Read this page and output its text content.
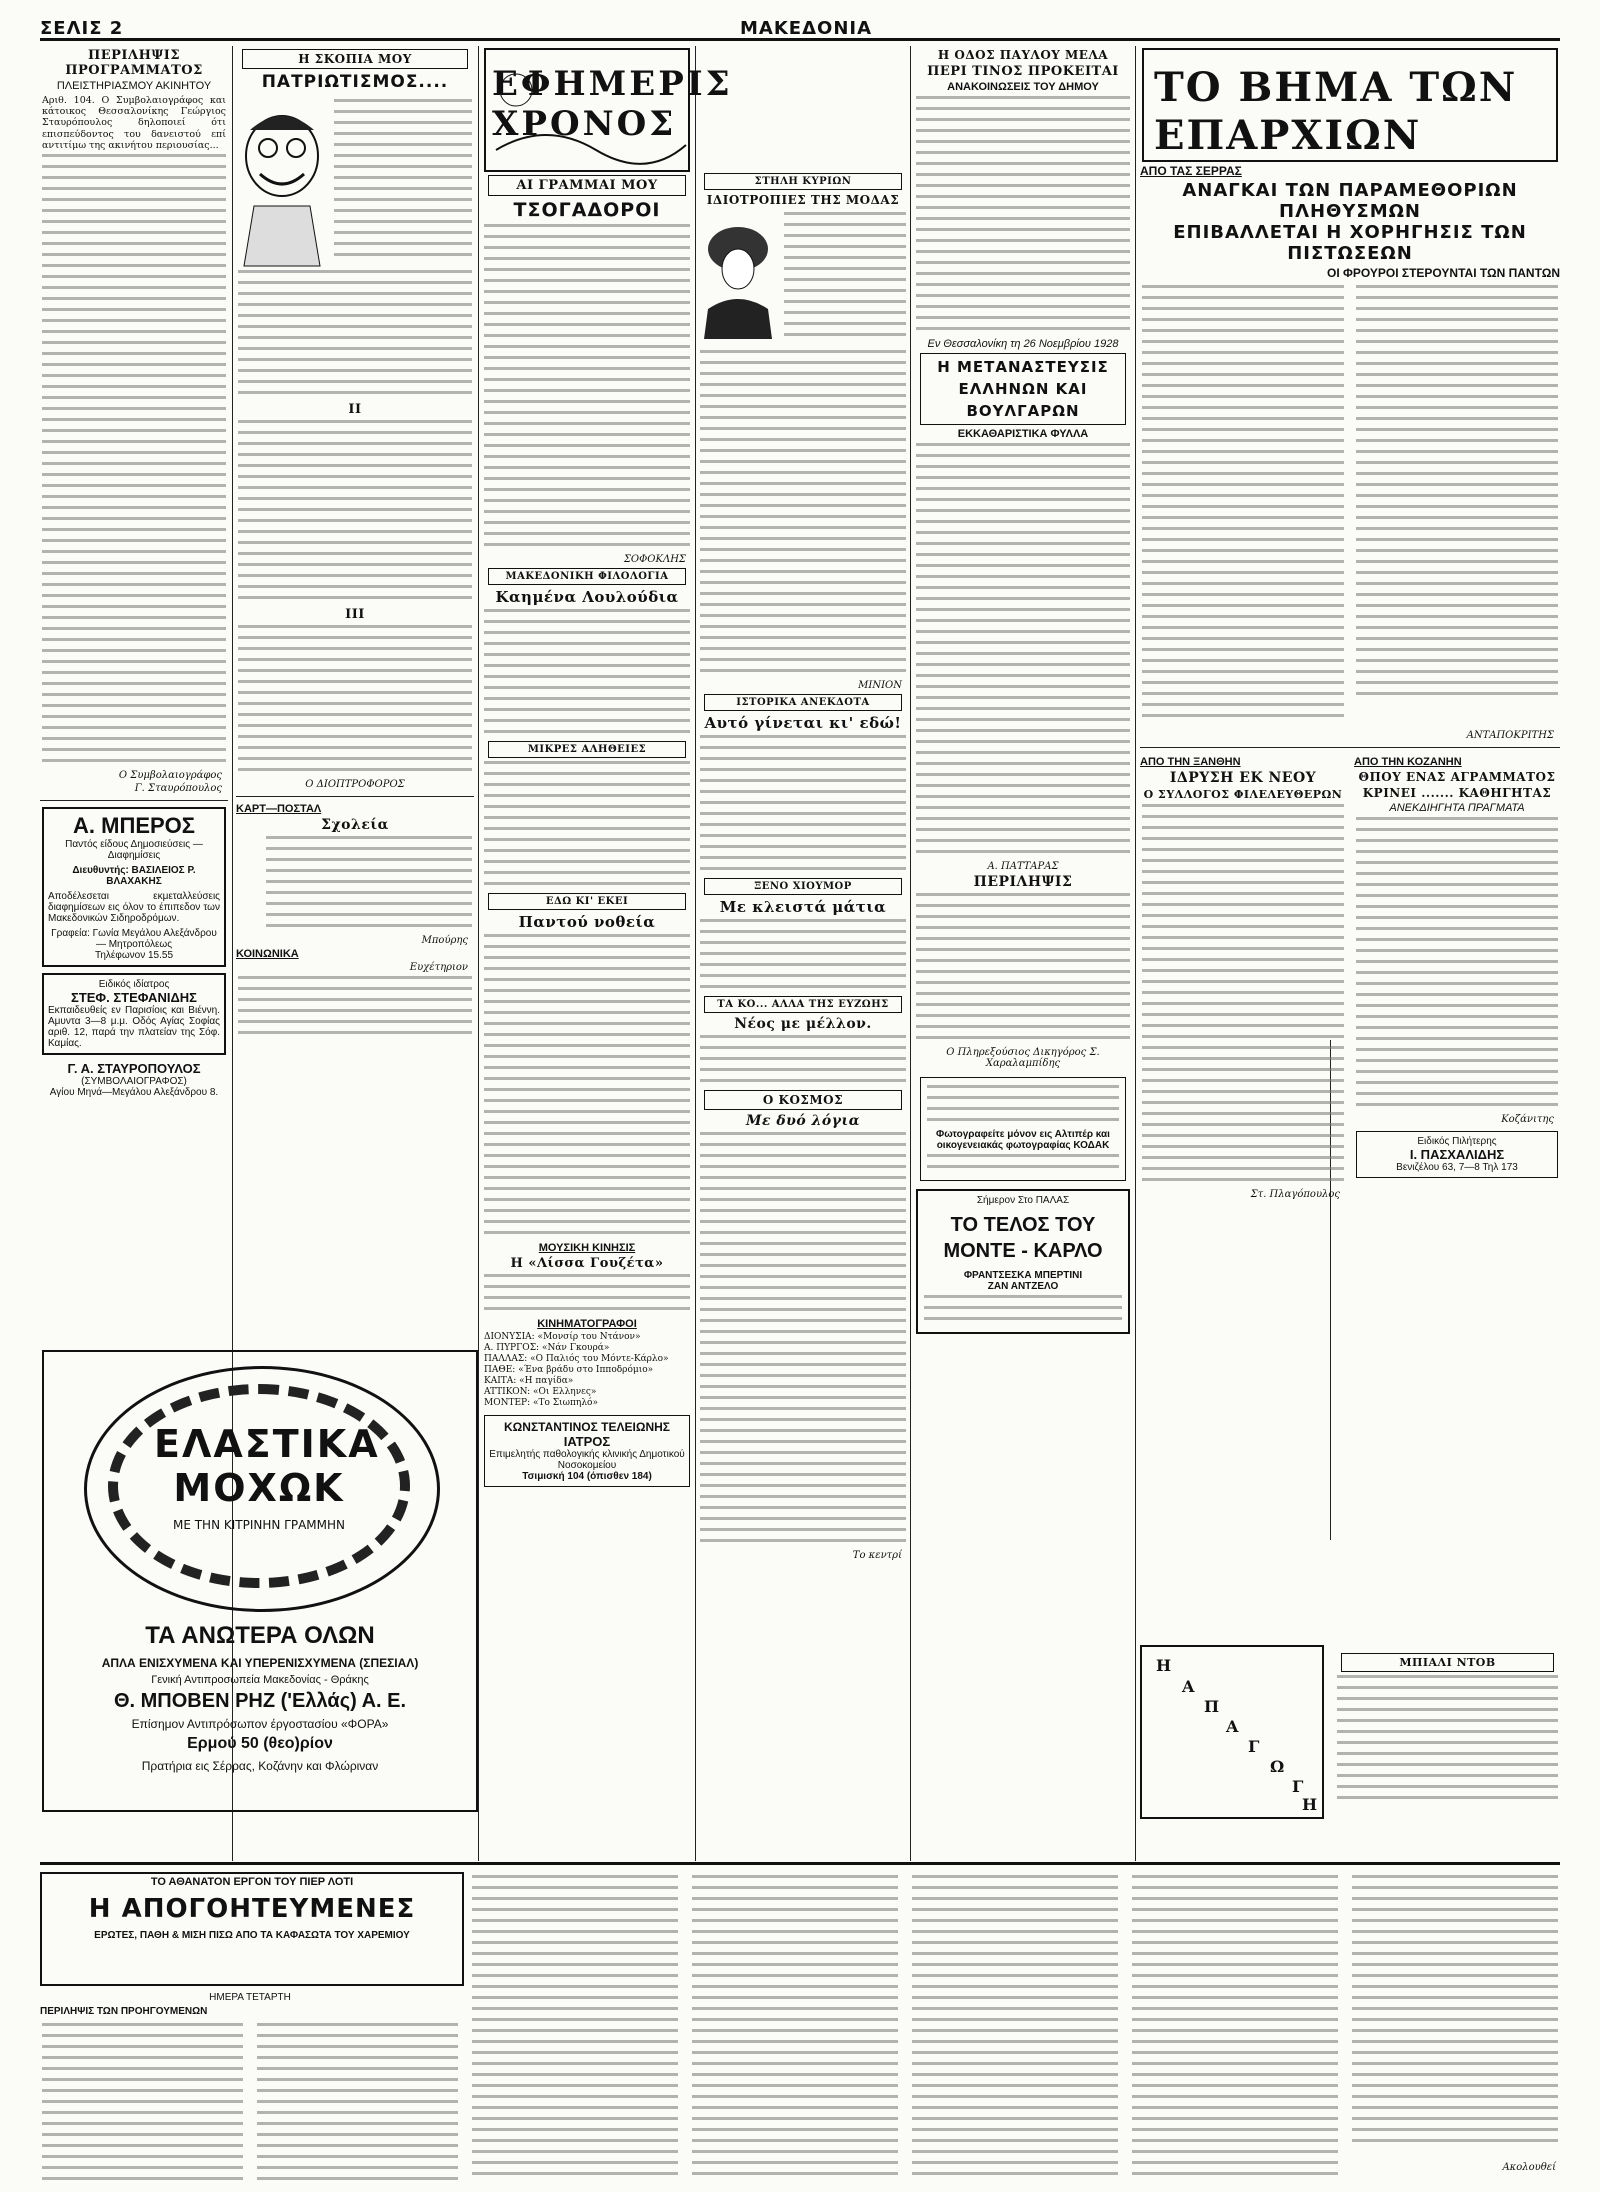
ΣΕΛΙΣ 2	ΜΑΚΕΔΟΝΙΑ
ΠΕΡΙΛΗΨΙΣ ΠΡΟΓΡΑΜΜΑΤΟΣ
ΠΛΕΙΣΤΗΡΙΑΣΜΟΥ ΑΚΙΝΗΤΟΥ
Αριθ. 104. Ο Συμβολαιογράφος και κάτοικος Θεσσαλονίκης Γεώργιος Σταυρόπουλος δηλοποιεί ότι επισπεύδοντος του δανειστού επί αντιτίμω της ακινήτου περιουσίας...
Ο Συμβολαιογράφος
Γ. Σταυρόπουλος
Α. ΜΠΕΡΟΣ
Παντός είδους Δημοσιεύσεις — Διαφημίσεις
Διευθυντής: ΒΑΣΙΛΕΙΟΣ Ρ. ΒΛΑΧΑΚΗΣ
Αποδέλεσεται εκμεταλλεύσεις διαφημίσεων εις όλον το έπιπεδον των Μακεδονικών Σιδηροδρόμων.
Γραφεία: Γωνία Μεγάλου Αλεξάνδρου — Μητροπόλεως
Τηλέφωνον 15.55
Ειδικός ιδίατρος
ΣΤΕΦ. ΣΤΕΦΑΝΙΔΗΣ
Εκπαιδευθείς εν Παρισίοις και Βιέννη. Αμυντα 3—8 μ.μ. Οδός Αγίας Σοφίας αριθ. 12, παρά την πλατείαν της Σόφ. Καμίας.
Γ. Α. ΣΤΑΥΡΟΠΟΥΛΟΣ
(ΣΥΜΒΟΛΑΙΟΓΡΑΦΟΣ)
Αγίου Μηνά—Μεγάλου Αλεξάνδρου 8.
Η ΣΚΟΠΙΑ ΜΟΥ
ΠΑΤΡΙΩΤΙΣΜΟΣ....
ΙΙ
ΙΙΙ
Ο ΔΙΟΠΤΡΟΦΟΡΟΣ
ΚΑΡΤ—ΠΟΣΤΑΛ
Σχολεία
Μπούρης
ΚΟΙΝΩΝΙΚΑ
Ευχέτηριον
ΕΛΑΣΤΙΚΑ ΜΟΧΩΚ
ΜΕ ΤΗΝ ΚΙΤΡΙΝΗΝ ΓΡΑΜΜΗΝ
ΤΑ ΑΝΩΤΕΡΑ ΟΛΩΝ
ΑΠΛΑ ΕΝΙΣΧΥΜΕΝΑ ΚΑΙ ΥΠΕΡΕΝΙΣΧΥΜΕΝΑ (ΣΠΕΣΙΑΛ)
Γενική Αντιπροσωπεία Μακεδονίας - Θράκης
Θ. ΜΠΟΒΕΝ ΡΗΖ ('Ελλάς) Α. Ε.
Επίσημον Αντιπρόσωπον έργοστασίου «ΦΟΡΑ»
Ερμού 50 (θεο)ρίον
Πρατήρια εις Σέρρας, Κοζάνην και Φλώριναν
ΕΦΗΜΕΡΙΣ ΧΡΟΝΟΣ
ΑΙ ΓΡΑΜΜΑΙ ΜΟΥ
ΤΣΟΓΑΔΟΡΟΙ
ΣΟΦΟΚΛΗΣ
ΜΑΚΕΔΟΝΙΚΗ ΦΙΛΟΛΟΓΙΑ
Καημένα Λουλούδια
ΜΙΚΡΕΣ ΑΛΗΘΕΙΕΣ
ΕΔΩ ΚΙ' ΕΚΕΙ
Παντού νοθεία
ΜΟΥΣΙΚΗ ΚΙΝΗΣΙΣ
Η «Λίσσα Γουζέτα»
ΚΙΝΗΜΑΤΟΓΡΑΦΟΙ
ΔΙΟΝΥΣΙΑ: «Μονσίρ του Ντάνον»
Α. ΠΥΡΓΟΣ: «Νάν Γκουρά»
ΠΑΛΛΑΣ: «Ο Παλιός του Μόντε-Κάρλο»
ΠΑΘΕ: «Ένα βράδυ στο Ιπποδρόμιο»
ΚΑΙΤΑ: «Η παγίδα»
ATTIKON: «Οι Ελληνες»
ΜΟΝΤΕΡ: «Το Σιωπηλό»
ΚΩΝΣΤΑΝΤΙΝΟΣ ΤΕΛΕΙΩΝΗΣ
ΙΑΤΡΟΣ
Επιμελητής παθολογικής κλινικής Δημοτικού Νοσοκομείου
Τσιμισκή 104 (όπισθεν 184)
ΣΤΗΛΗ ΚΥΡΙΩΝ
ΙΔΙΟΤΡΟΠΙΕΣ ΤΗΣ ΜΟΔΑΣ
ΜΙΝΙΟΝ
ΙΣΤΟΡΙΚΑ ΑΝΕΚΔΟΤΑ
Αυτό γίνεται κι' εδώ!
ΞΕΝΟ ΧΙΟΥΜΟΡ
Με κλειστά μάτια
ΤΑ ΚΟ... ΑΛΛΑ ΤΗΣ ΕΥΖΩΗΣ
Νέος με μέλλον.
Ο ΚΟΣΜΟΣ
Με δυό λόγια
Το κεντρί
Η ΟΔΟΣ ΠΑΥΛΟΥ ΜΕΛΑ
ΠΕΡΙ ΤΙΝΟΣ ΠΡΟΚΕΙΤΑΙ
ΑΝΑΚΟΙΝΩΣΕΙΣ ΤΟΥ ΔΗΜΟΥ
Εν Θεσσαλονίκη τη 26 Νοεμβρίου 1928
Η ΜΕΤΑΝΑΣΤΕΥΣΙΣ ΕΛΛΗΝΩΝ ΚΑΙ ΒΟΥΛΓΑΡΩΝ
ΕΚΚΑΘΑΡΙΣΤΙΚΑ ΦΥΛΛΑ
Α. ΠΑΤΤΑΡΑΣ
ΠΕΡΙΛΗΨΙΣ
Ο Πληρεξούσιος Δικηγόρος Σ. Χαραλαμπίδης
Φωτογραφείτε μόνον εις Αλτιπέρ και οικογενειακάς φωτογραφίας ΚΟΔΑΚ
Σήμερον Στο ΠΑΛΑΣ
ΤΟ ΤΕΛΟΣ ΤΟΥ ΜΟΝΤΕ - ΚΑΡΛΟ
ΦΡΑΝΤΣΕΣΚΑ ΜΠΕΡΤΙΝΙ
ΖΑΝ ΑΝΤΖΕΛΟ
ΤΟ ΒΗΜΑ ΤΩΝ ΕΠΑΡΧΙΩΝ
ΑΠΟ ΤΑΣ ΣΕΡΡΑΣ
ΑΝΑΓΚΑΙ ΤΩΝ ΠΑΡΑΜΕΘΟΡΙΩΝ ΠΛΗΘΥΣΜΩΝ
ΕΠΙΒΑΛΛΕΤΑΙ Η ΧΟΡΗΓΗΣΙΣ ΤΩΝ ΠΙΣΤΩΣΕΩΝ
ΟΙ ΦΡΟΥΡΟΙ ΣΤΕΡΟΥΝΤΑΙ ΤΩΝ ΠΑΝΤΩΝ
ΑΝΤΑΠΟΚΡΙΤΗΣ
ΑΠΟ ΤΗΝ ΞΑΝΘΗΝ
ΙΔΡΥΣΗ ΕΚ ΝΕΟΥ
Ο ΣΥΛΛΟΓΟΣ ΦΙΛΕΛΕΥΘΕΡΩΝ
Στ. Πλαγόπουλος
ΑΠΟ ΤΗΝ ΚΟΖΑΝΗΝ
ΘΠΟΥ ΕΝΑΣ ΑΓΡΑΜΜΑΤΟΣ
ΚΡΙΝΕΙ ....... ΚΑΘΗΓΗΤΑΣ
ΑΝΕΚΔΙΗΓΗΤΑ ΠΡΑΓΜΑΤΑ
Κοζάνιτης
Ειδικός Πιλήτερης
Ι. ΠΑΣΧΑΛΙΔΗΣ
Βενιζέλου 63, 7—8 Τηλ 173
Η
Α
Π
Α
Γ
Ω
Γ
Η
ΜΠΙΑΛΙ ΝΤΟΒ
ΤΟ ΑΘΑΝΑΤΟΝ ΕΡΓΟΝ ΤΟΥ ΠΙΕΡ ΛΟΤΙ
Η ΑΠΟΓΟΗΤΕΥΜΕΝΕΣ
ΕΡΩΤΕΣ, ΠΑΘΗ & ΜΙΣΗ ΠΙΣΩ ΑΠΟ ΤΑ ΚΑΦΑΣΩΤΑ ΤΟΥ ΧΑΡΕΜΙΟΥ
ΗΜΕΡΑ ΤΕΤΑΡΤΗ
ΠΕΡΙΛΗΨΙΣ ΤΩΝ ΠΡΟΗΓΟΥΜΕΝΩΝ
Ακολουθεί
